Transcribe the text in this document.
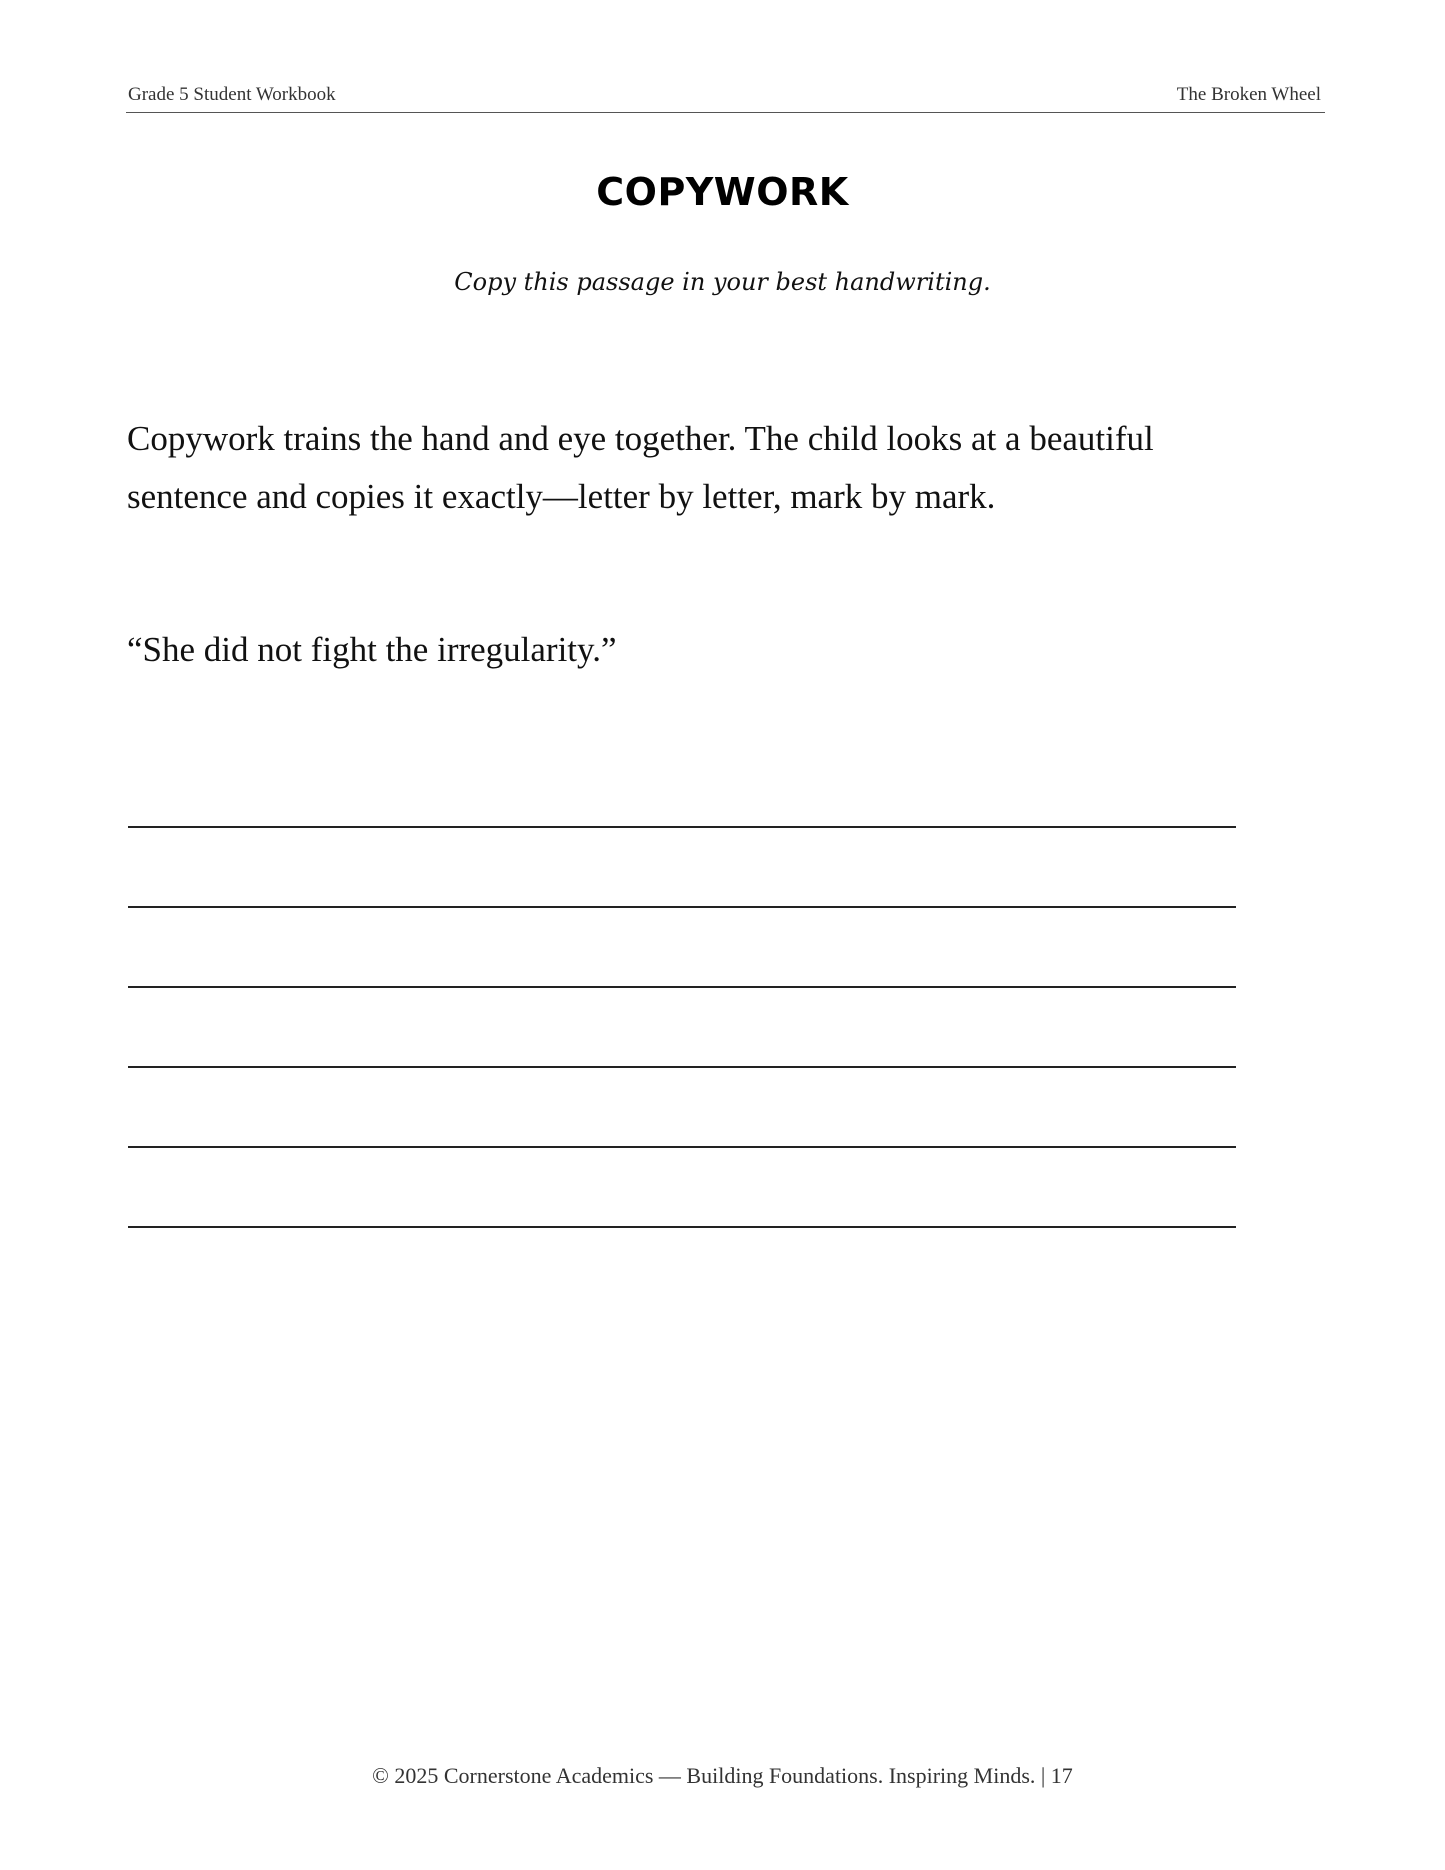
Grade 5 Student Workbook	The Broken Wheel
COPYWORK
Copy this passage in your best handwriting.
Copywork trains the hand and eye together. The child looks at a beautiful sentence and copies it exactly—letter by letter, mark by mark.
“She did not fight the irregularity.”
© 2025 Cornerstone Academics — Building Foundations. Inspiring Minds. | 17
